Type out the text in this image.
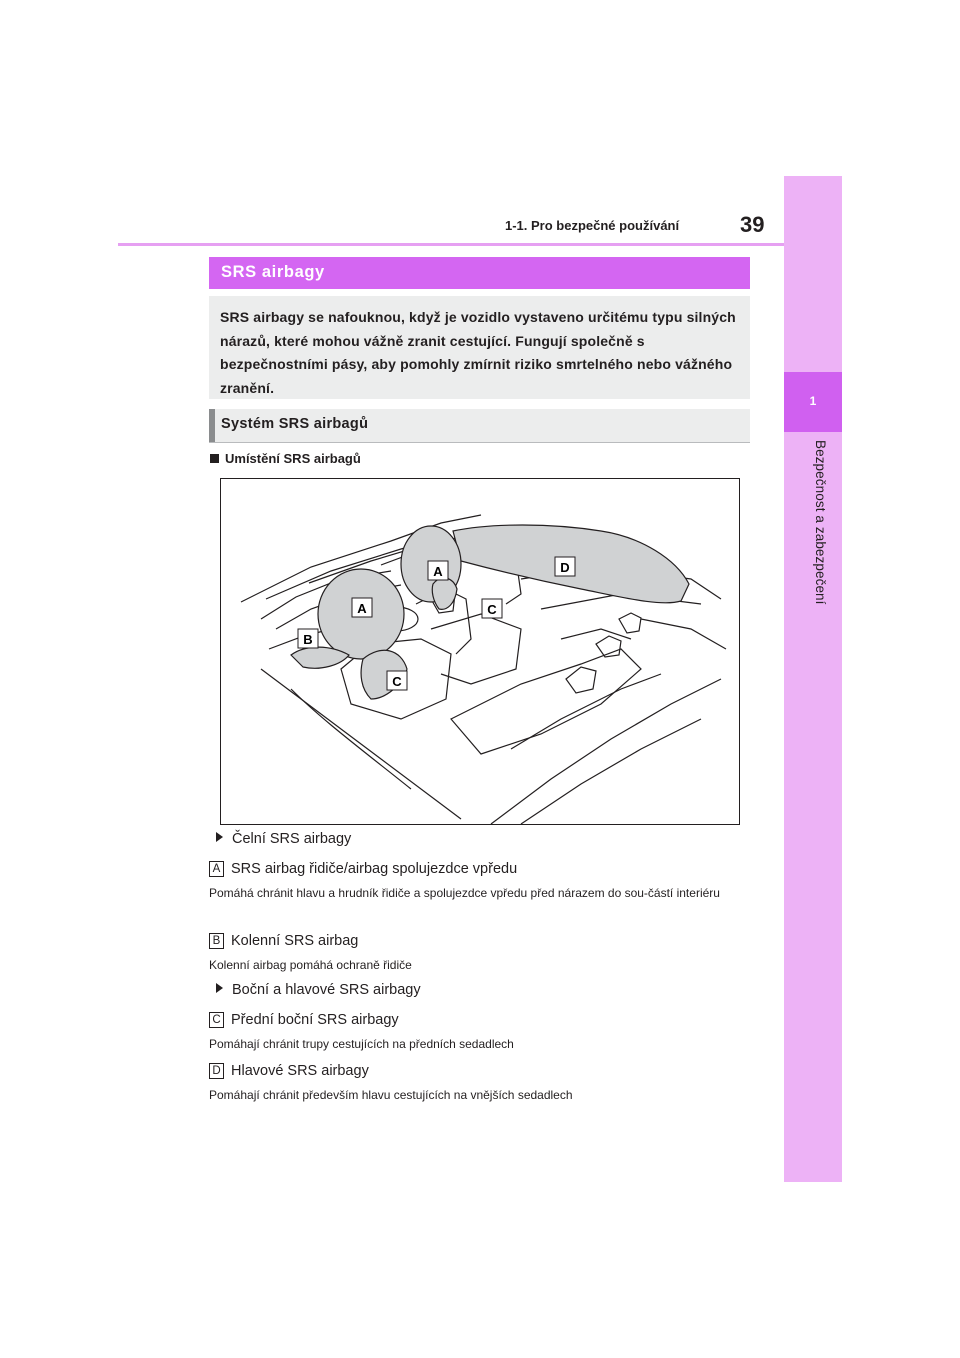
1-1. Pro bezpečné používání	39
1
Bezpečnost a zabezpečení
SRS airbagy

SRS airbagy se nafouknou, když je vozidlo vystaveno určitému typu silných nárazů, které mohou vážně zranit cestující. Fungují společně s bezpečnostními pásy, aby pomohly zmírnit riziko smrtelného nebo vážného zranění.

Systém SRS airbagů
Umístění SRS airbagů
A
A
B
C
C
D
Čelní SRS airbagy
A SRS airbag řidiče/airbag spolujezdce vpředu
Pomáhá chránit hlavu a hrudník řidiče a spolujezdce vpředu před nárazem do sou-částí interiéru
B Kolenní SRS airbag
Kolenní airbag pomáhá ochraně řidiče
Boční a hlavové SRS airbagy
C Přední boční SRS airbagy
Pomáhají chránit trupy cestujících na předních sedadlech
D Hlavové SRS airbagy
Pomáhají chránit především hlavu cestujících na vnějších sedadlech
